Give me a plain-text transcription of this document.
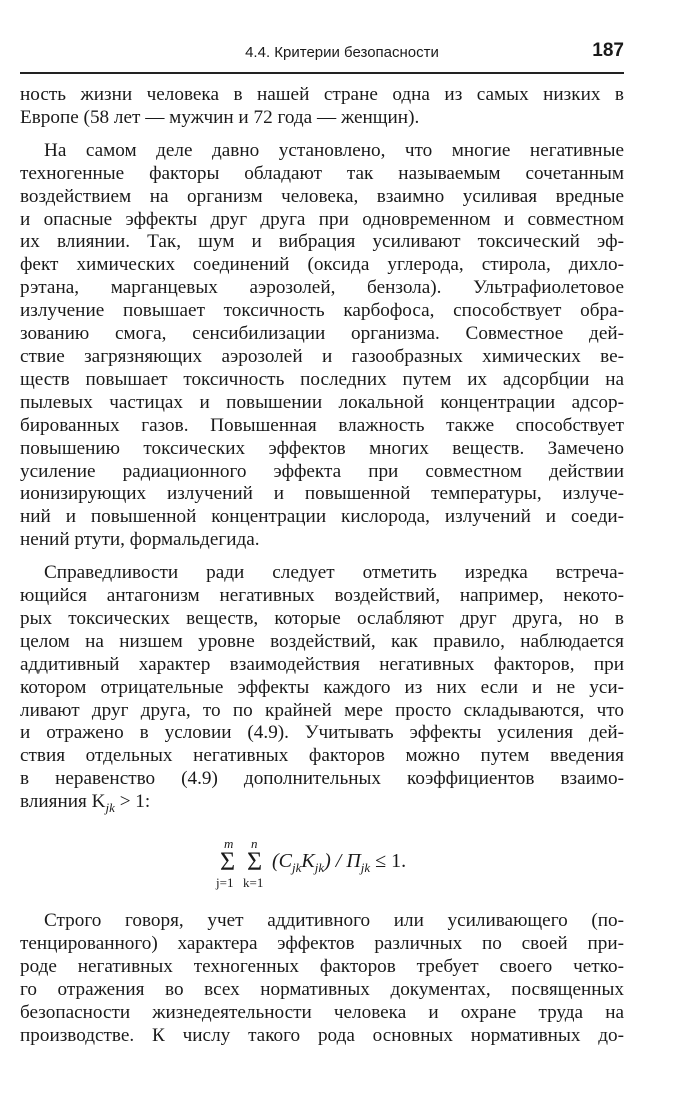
4.4. Критерии безопасности	187

ность жизни человека в нашей стране одна из самых низких в
Европе (58 лет — мужчин и 72 года — женщин).

На самом деле давно установлено, что многие негативные
техногенные факторы обладают так называемым сочетанным
воздействием на организм человека, взаимно усиливая вредные
и опасные эффекты друг друга при одновременном и совместном
их влиянии. Так, шум и вибрация усиливают токсический эф-
фект химических соединений (оксида углерода, стирола, дихло-
рэтана, марганцевых аэрозолей, бензола). Ультрафиолетовое
излучение повышает токсичность карбофоса, способствует обра-
зованию смога, сенсибилизации организма. Совместное дей-
ствие загрязняющих аэрозолей и газообразных химических ве-
ществ повышает токсичность последних путем их адсорбции на
пылевых частицах и повышении локальной концентрации адсор-
бированных газов. Повышенная влажность также способствует
повышению токсических эффектов многих веществ. Замечено
усиление радиационного эффекта при совместном действии
ионизирующих излучений и повышенной температуры, излуче-
ний и повышенной концентрации кислорода, излучений и соеди-
нений ртути, формальдегида.

Справедливости ради следует отметить изредка встреча-
ющийся антагонизм негативных воздействий, например, некото-
рых токсических веществ, которые ослабляют друг друга, но в
целом на низшем уровне воздействий, как правило, наблюдается
аддитивный характер взаимодействия негативных факторов, при
котором отрицательные эффекты каждого из них если и не уси-
ливают друг друга, то по крайней мере просто складываются, что
и отражено в условии (4.9). Учитывать эффекты усиления дей-
ствия отдельных негативных факторов можно путем введения
в неравенство (4.9) дополнительных коэффициентов взаимо-
влияния $K_{jk} > 1$:

m
Σ
j=1

n
Σ
k=1
$(C_{jk}K_{jk}) / П_{jk} \le 1$.
Строго говоря, учет аддитивного или усиливающего (по-
тенцированного) характера эффектов различных по своей при-
роде негативных техногенных факторов требует своего четко-
го отражения во всех нормативных документах, посвященных
безопасности жизнедеятельности человека и охране труда на
производстве. К числу такого рода основных нормативных до-
